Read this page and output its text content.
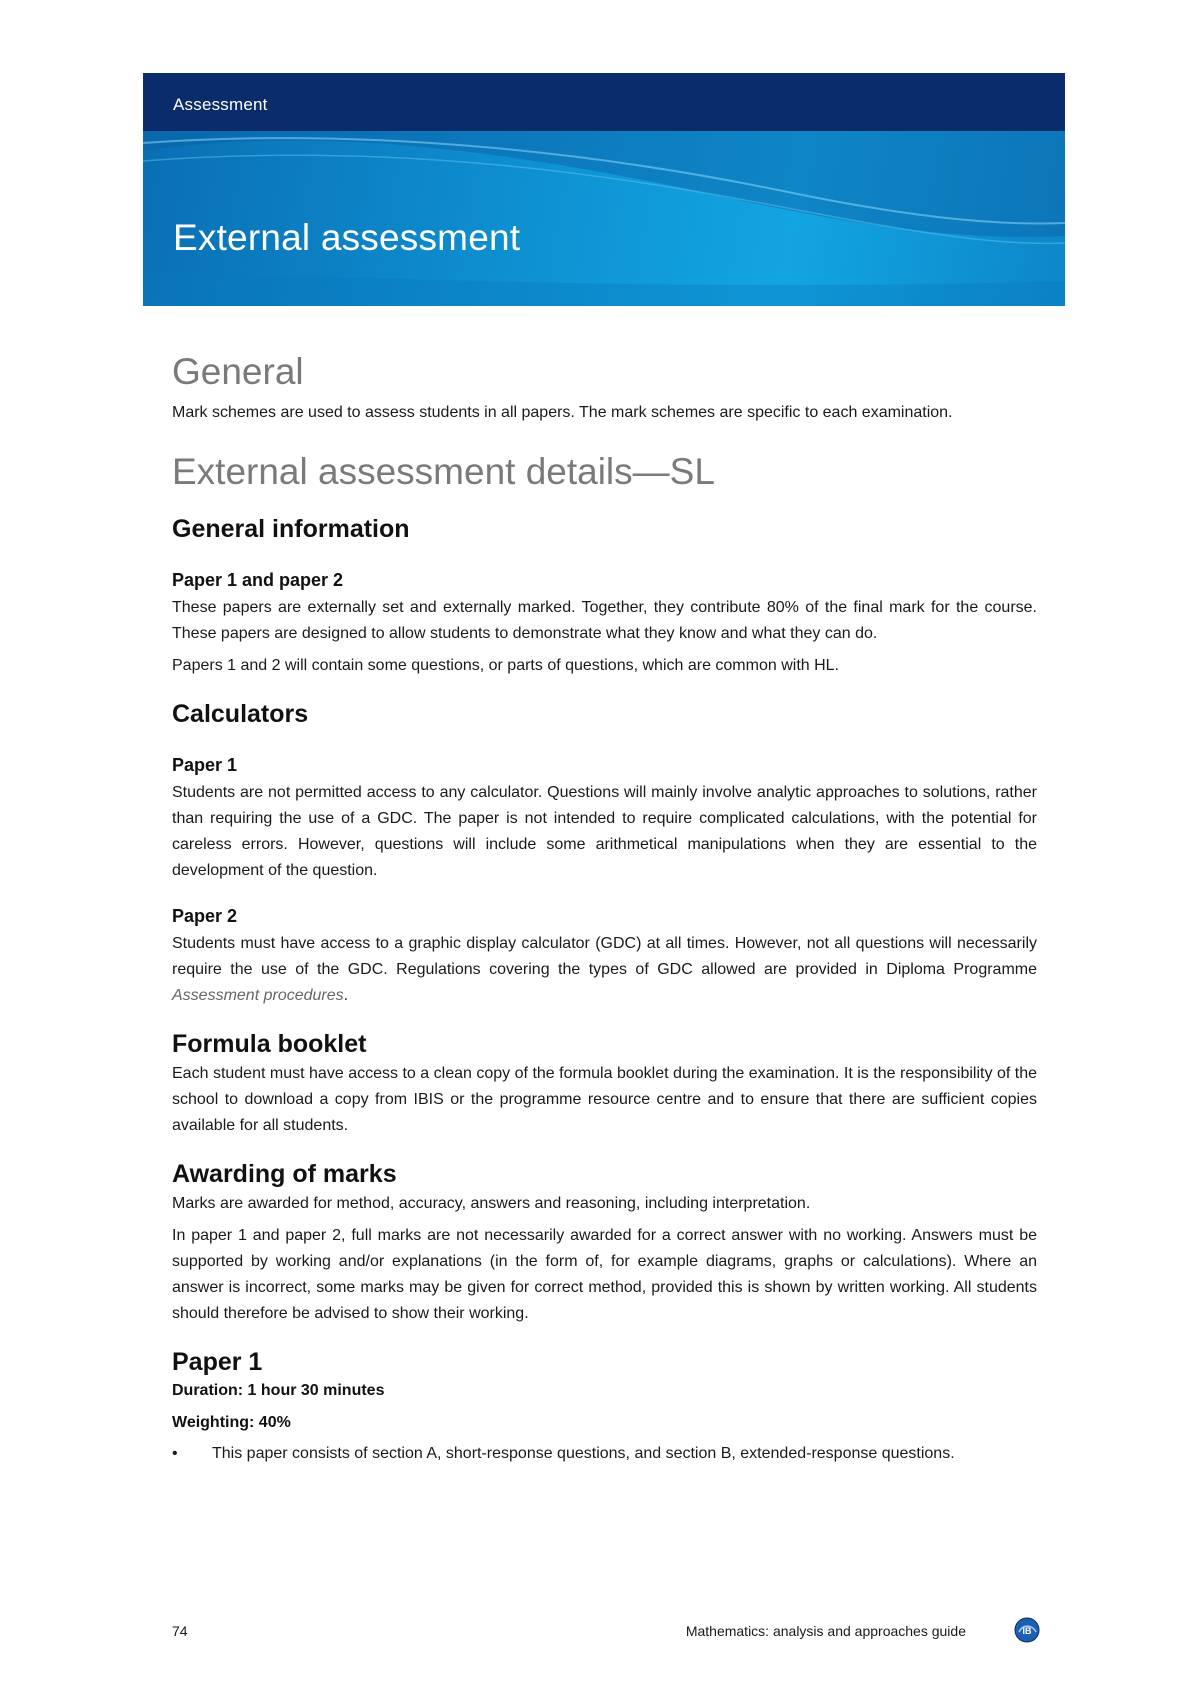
Assessment
External assessment
General

Mark schemes are used to assess students in all papers. The mark schemes are specific to each examination.

External assessment details—SL
General information
Paper 1 and paper 2

These papers are externally set and externally marked. Together, they contribute 80% of the final mark for the course. These papers are designed to allow students to demonstrate what they know and what they can do.

Papers 1 and 2 will contain some questions, or parts of questions, which are common with HL.

Calculators
Paper 1

Students are not permitted access to any calculator. Questions will mainly involve analytic approaches to solutions, rather than requiring the use of a GDC. The paper is not intended to require complicated calculations, with the potential for careless errors. However, questions will include some arithmetical manipulations when they are essential to the development of the question.

Paper 2

Students must have access to a graphic display calculator (GDC) at all times. However, not all questions will necessarily require the use of the GDC. Regulations covering the types of GDC allowed are provided in Diploma Programme Assessment procedures.

Formula booklet

Each student must have access to a clean copy of the formula booklet during the examination. It is the responsibility of the school to download a copy from IBIS or the programme resource centre and to ensure that there are sufficient copies available for all students.

Awarding of marks

Marks are awarded for method, accuracy, answers and reasoning, including interpretation.

In paper 1 and paper 2, full marks are not necessarily awarded for a correct answer with no working. Answers must be supported by working and/or explanations (in the form of, for example diagrams, graphs or calculations). Where an answer is incorrect, some marks may be given for correct method, provided this is shown by written working. All students should therefore be advised to show their working.

Paper 1
Duration: 1 hour 30 minutes
Weighting: 40%
• This paper consists of section A, short-response questions, and section B, extended-response questions.
74	Mathematics: analysis and approaches guide	IB
